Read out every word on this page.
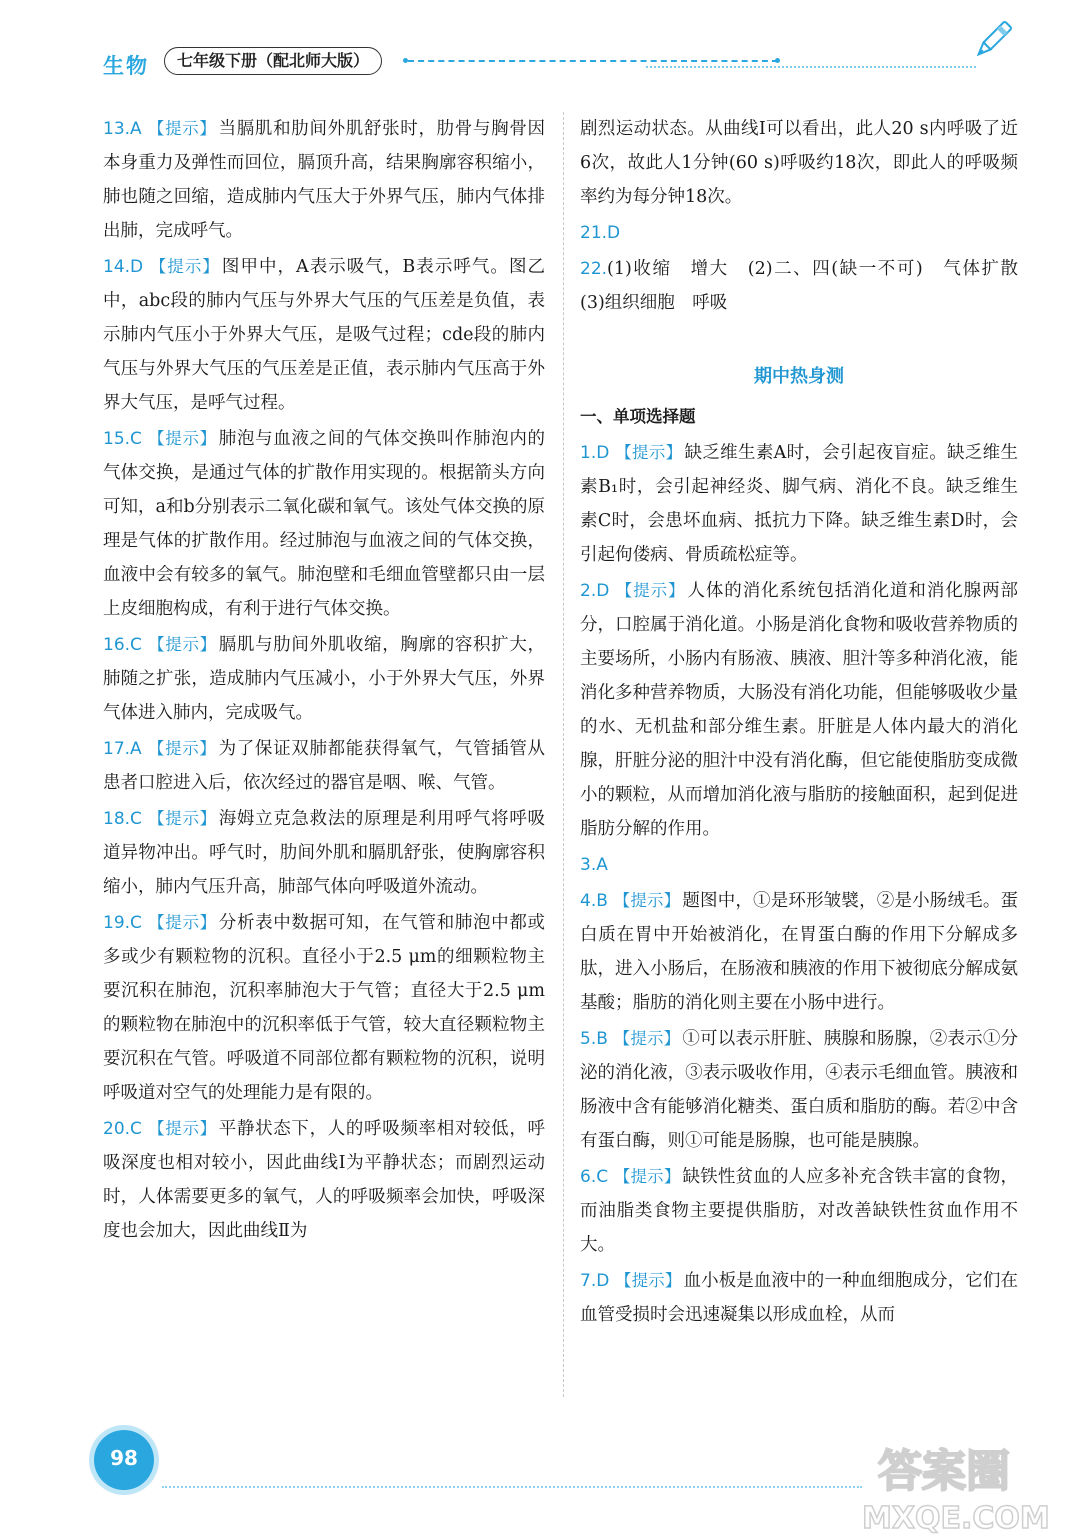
生物	七年级下册（配北师大版）

13.A 【提示】 当膈肌和肋间外肌舒张时，肋骨与胸骨因本身重力及弹性而回位，膈顶升高，结果胸廓容积缩小，肺也随之回缩，造成肺内气压大于外界气压，肺内气体排出肺，完成呼气。

14.D 【提示】 图甲中，A表示吸气，B表示呼气。图乙中，abc段的肺内气压与外界大气压的气压差是负值，表示肺内气压小于外界大气压，是吸气过程；cde段的肺内气压与外界大气压的气压差是正值，表示肺内气压高于外界大气压，是呼气过程。

15.C 【提示】 肺泡与血液之间的气体交换叫作肺泡内的气体交换，是通过气体的扩散作用实现的。根据箭头方向可知，a和b分别表示二氧化碳和氧气。该处气体交换的原理是气体的扩散作用。经过肺泡与血液之间的气体交换，血液中会有较多的氧气。肺泡壁和毛细血管壁都只由一层上皮细胞构成，有利于进行气体交换。

16.C 【提示】 膈肌与肋间外肌收缩，胸廓的容积扩大，肺随之扩张，造成肺内气压减小，小于外界大气压，外界气体进入肺内，完成吸气。

17.A 【提示】 为了保证双肺都能获得氧气，气管插管从患者口腔进入后，依次经过的器官是咽、喉、气管。

18.C 【提示】 海姆立克急救法的原理是利用呼气将呼吸道异物冲出。呼气时，肋间外肌和膈肌舒张，使胸廓容积缩小，肺内气压升高，肺部气体向呼吸道外流动。

19.C 【提示】 分析表中数据可知，在气管和肺泡中都或多或少有颗粒物的沉积。直径小于2.5 μm的细颗粒物主要沉积在肺泡，沉积率肺泡大于气管；直径大于2.5 μm的颗粒物在肺泡中的沉积率低于气管，较大直径颗粒物主要沉积在气管。呼吸道不同部位都有颗粒物的沉积，说明呼吸道对空气的处理能力是有限的。

20.C 【提示】 平静状态下，人的呼吸频率相对较低，呼吸深度也相对较小，因此曲线Ⅰ为平静状态；而剧烈运动时，人体需要更多的氧气，人的呼吸频率会加快，呼吸深度也会加大，因此曲线Ⅱ为

剧烈运动状态。从曲线Ⅰ可以看出，此人20 s内呼吸了近6次，故此人1分钟(60 s)呼吸约18次，即此人的呼吸频率约为每分钟18次。

21.D

22.(1)收缩　增大　(2)二、四(缺一不可)　气体扩散　(3)组织细胞　呼吸

期中热身测
一、单项选择题

1.D 【提示】 缺乏维生素A时，会引起夜盲症。缺乏维生素B₁时，会引起神经炎、脚气病、消化不良。缺乏维生素C时，会患坏血病、抵抗力下降。缺乏维生素D时，会引起佝偻病、骨质疏松症等。

2.D 【提示】 人体的消化系统包括消化道和消化腺两部分，口腔属于消化道。小肠是消化食物和吸收营养物质的主要场所，小肠内有肠液、胰液、胆汁等多种消化液，能消化多种营养物质，大肠没有消化功能，但能够吸收少量的水、无机盐和部分维生素。肝脏是人体内最大的消化腺，肝脏分泌的胆汁中没有消化酶，但它能使脂肪变成微小的颗粒，从而增加消化液与脂肪的接触面积，起到促进脂肪分解的作用。

3.A

4.B 【提示】 题图中，①是环形皱襞，②是小肠绒毛。蛋白质在胃中开始被消化，在胃蛋白酶的作用下分解成多肽，进入小肠后，在肠液和胰液的作用下被彻底分解成氨基酸；脂肪的消化则主要在小肠中进行。

5.B 【提示】 ①可以表示肝脏、胰腺和肠腺，②表示①分泌的消化液，③表示吸收作用，④表示毛细血管。胰液和肠液中含有能够消化糖类、蛋白质和脂肪的酶。若②中含有蛋白酶，则①可能是肠腺，也可能是胰腺。

6.C 【提示】 缺铁性贫血的人应多补充含铁丰富的食物，而油脂类食物主要提供脂肪，对改善缺铁性贫血作用不大。

7.D 【提示】 血小板是血液中的一种血细胞成分，它们在血管受损时会迅速凝集以形成血栓，从而

98	答案圈
MXQE.COM
